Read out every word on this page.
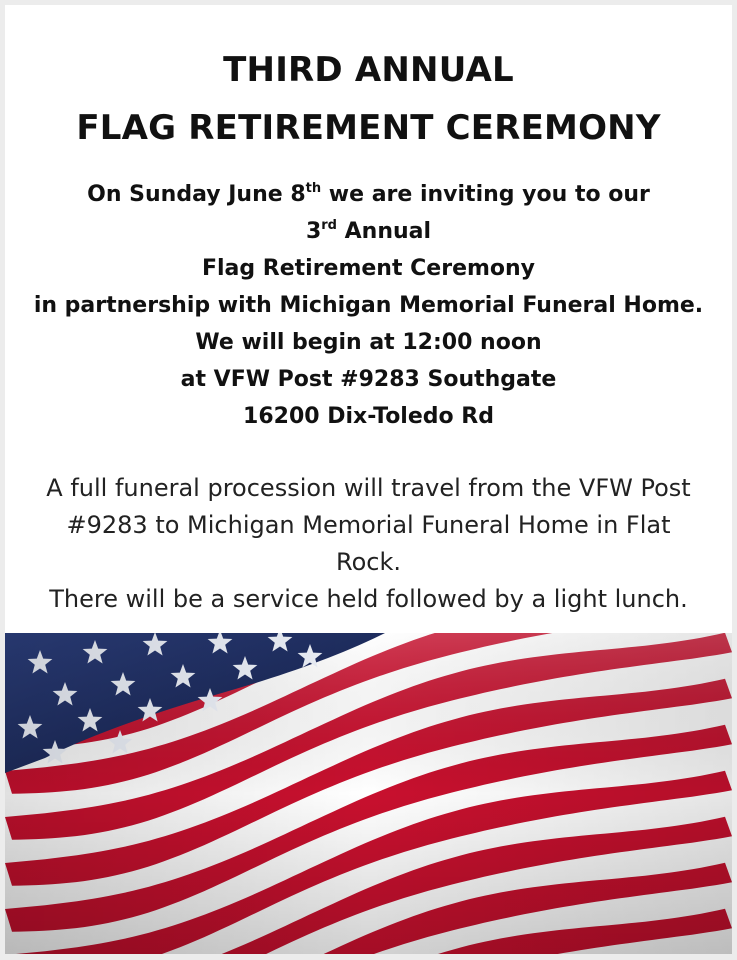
THIRD ANNUAL
FLAG RETIREMENT CEREMONY
On Sunday June 8th we are inviting you to our
3rd Annual
Flag Retirement Ceremony
in partnership with Michigan Memorial Funeral Home.
We will begin at 12:00 noon
at VFW Post #9283 Southgate
16200 Dix-Toledo Rd
A full funeral procession will travel from the VFW Post
#9283 to Michigan Memorial Funeral Home in Flat
Rock.
There will be a service held followed by a light lunch.
